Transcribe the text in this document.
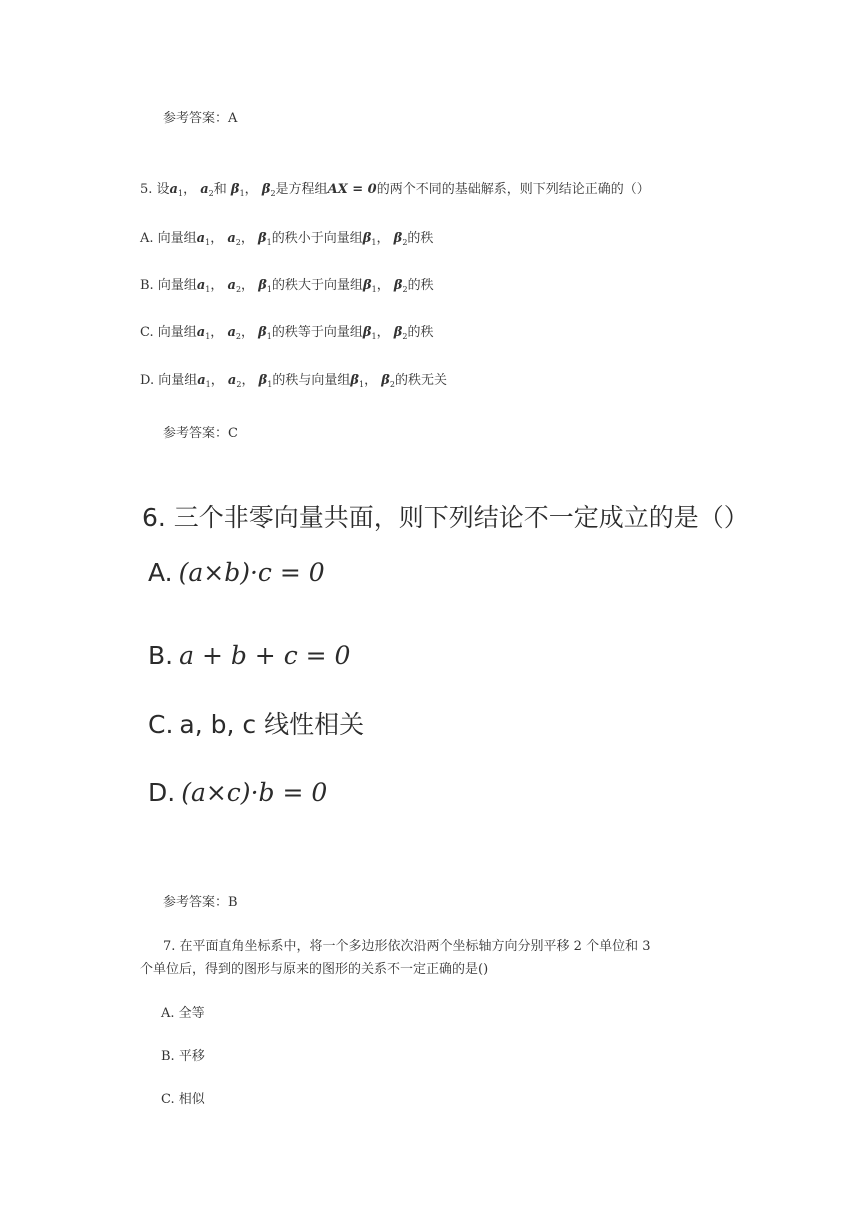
参考答案：A
5. 设$a_1$， $a_2$和 $\beta_1$， $\beta_2$是方程组AX = 0的两个不同的基础解系，则下列结论正确的（）
A. 向量组$a_1$， $a_2$， $\beta_1$的秩小于向量组$\beta_1$， $\beta_2$的秩
B. 向量组$a_1$， $a_2$， $\beta_1$的秩大于向量组$\beta_1$， $\beta_2$的秩
C. 向量组$a_1$， $a_2$， $\beta_1$的秩等于向量组$\beta_1$， $\beta_2$的秩
D. 向量组$a_1$， $a_2$， $\beta_1$的秩与向量组$\beta_1$， $\beta_2$的秩无关
参考答案：C
6. 三个非零向量共面，则下列结论不一定成立的是（）
A. (a×b)·c = 0
B. a + b + c = 0
C. a, b, c 线性相关
D. (a×c)·b = 0
参考答案：B
7. 在平面直角坐标系中，将一个多边形依次沿两个坐标轴方向分别平移 2 个单位和 3
个单位后，得到的图形与原来的图形的关系不一定正确的是()
A. 全等
B. 平移
C. 相似
